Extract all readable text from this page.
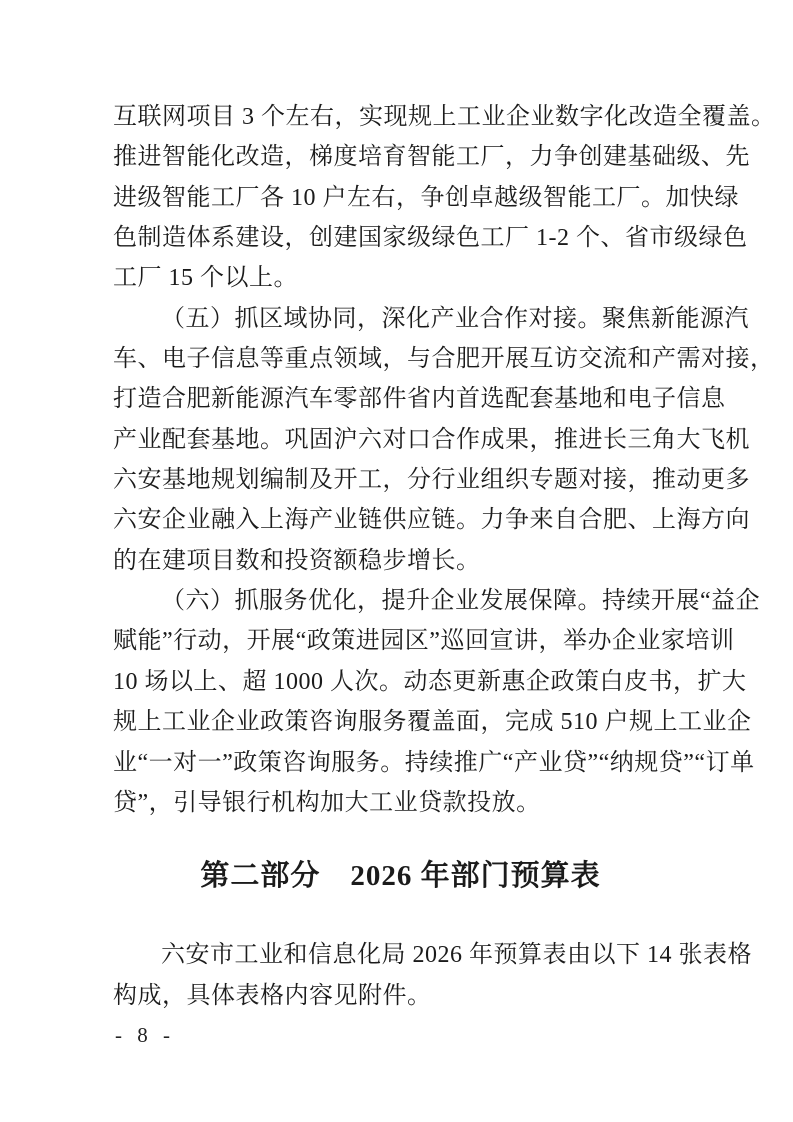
互联网项目 3 个左右，实现规上工业企业数字化改造全覆盖。
推进智能化改造，梯度培育智能工厂，力争创建基础级、先
进级智能工厂各 10 户左右，争创卓越级智能工厂。加快绿
色制造体系建设，创建国家级绿色工厂 1-2 个、省市级绿色
工厂 15 个以上。
（五）抓区域协同，深化产业合作对接。聚焦新能源汽
车、电子信息等重点领域，与合肥开展互访交流和产需对接，
打造合肥新能源汽车零部件省内首选配套基地和电子信息
产业配套基地。巩固沪六对口合作成果，推进长三角大飞机
六安基地规划编制及开工，分行业组织专题对接，推动更多
六安企业融入上海产业链供应链。力争来自合肥、上海方向
的在建项目数和投资额稳步增长。
（六）抓服务优化，提升企业发展保障。持续开展“益企
赋能”行动，开展“政策进园区”巡回宣讲，举办企业家培训
10 场以上、超 1000 人次。动态更新惠企政策白皮书，扩大
规上工业企业政策咨询服务覆盖面，完成 510 户规上工业企
业“一对一”政策咨询服务。持续推广“产业贷”“纳规贷”“订单
贷”，引导银行机构加大工业贷款投放。
第二部分　2026 年部门预算表
六安市工业和信息化局 2026 年预算表由以下 14 张表格
构成，具体表格内容见附件。
- 8 -
